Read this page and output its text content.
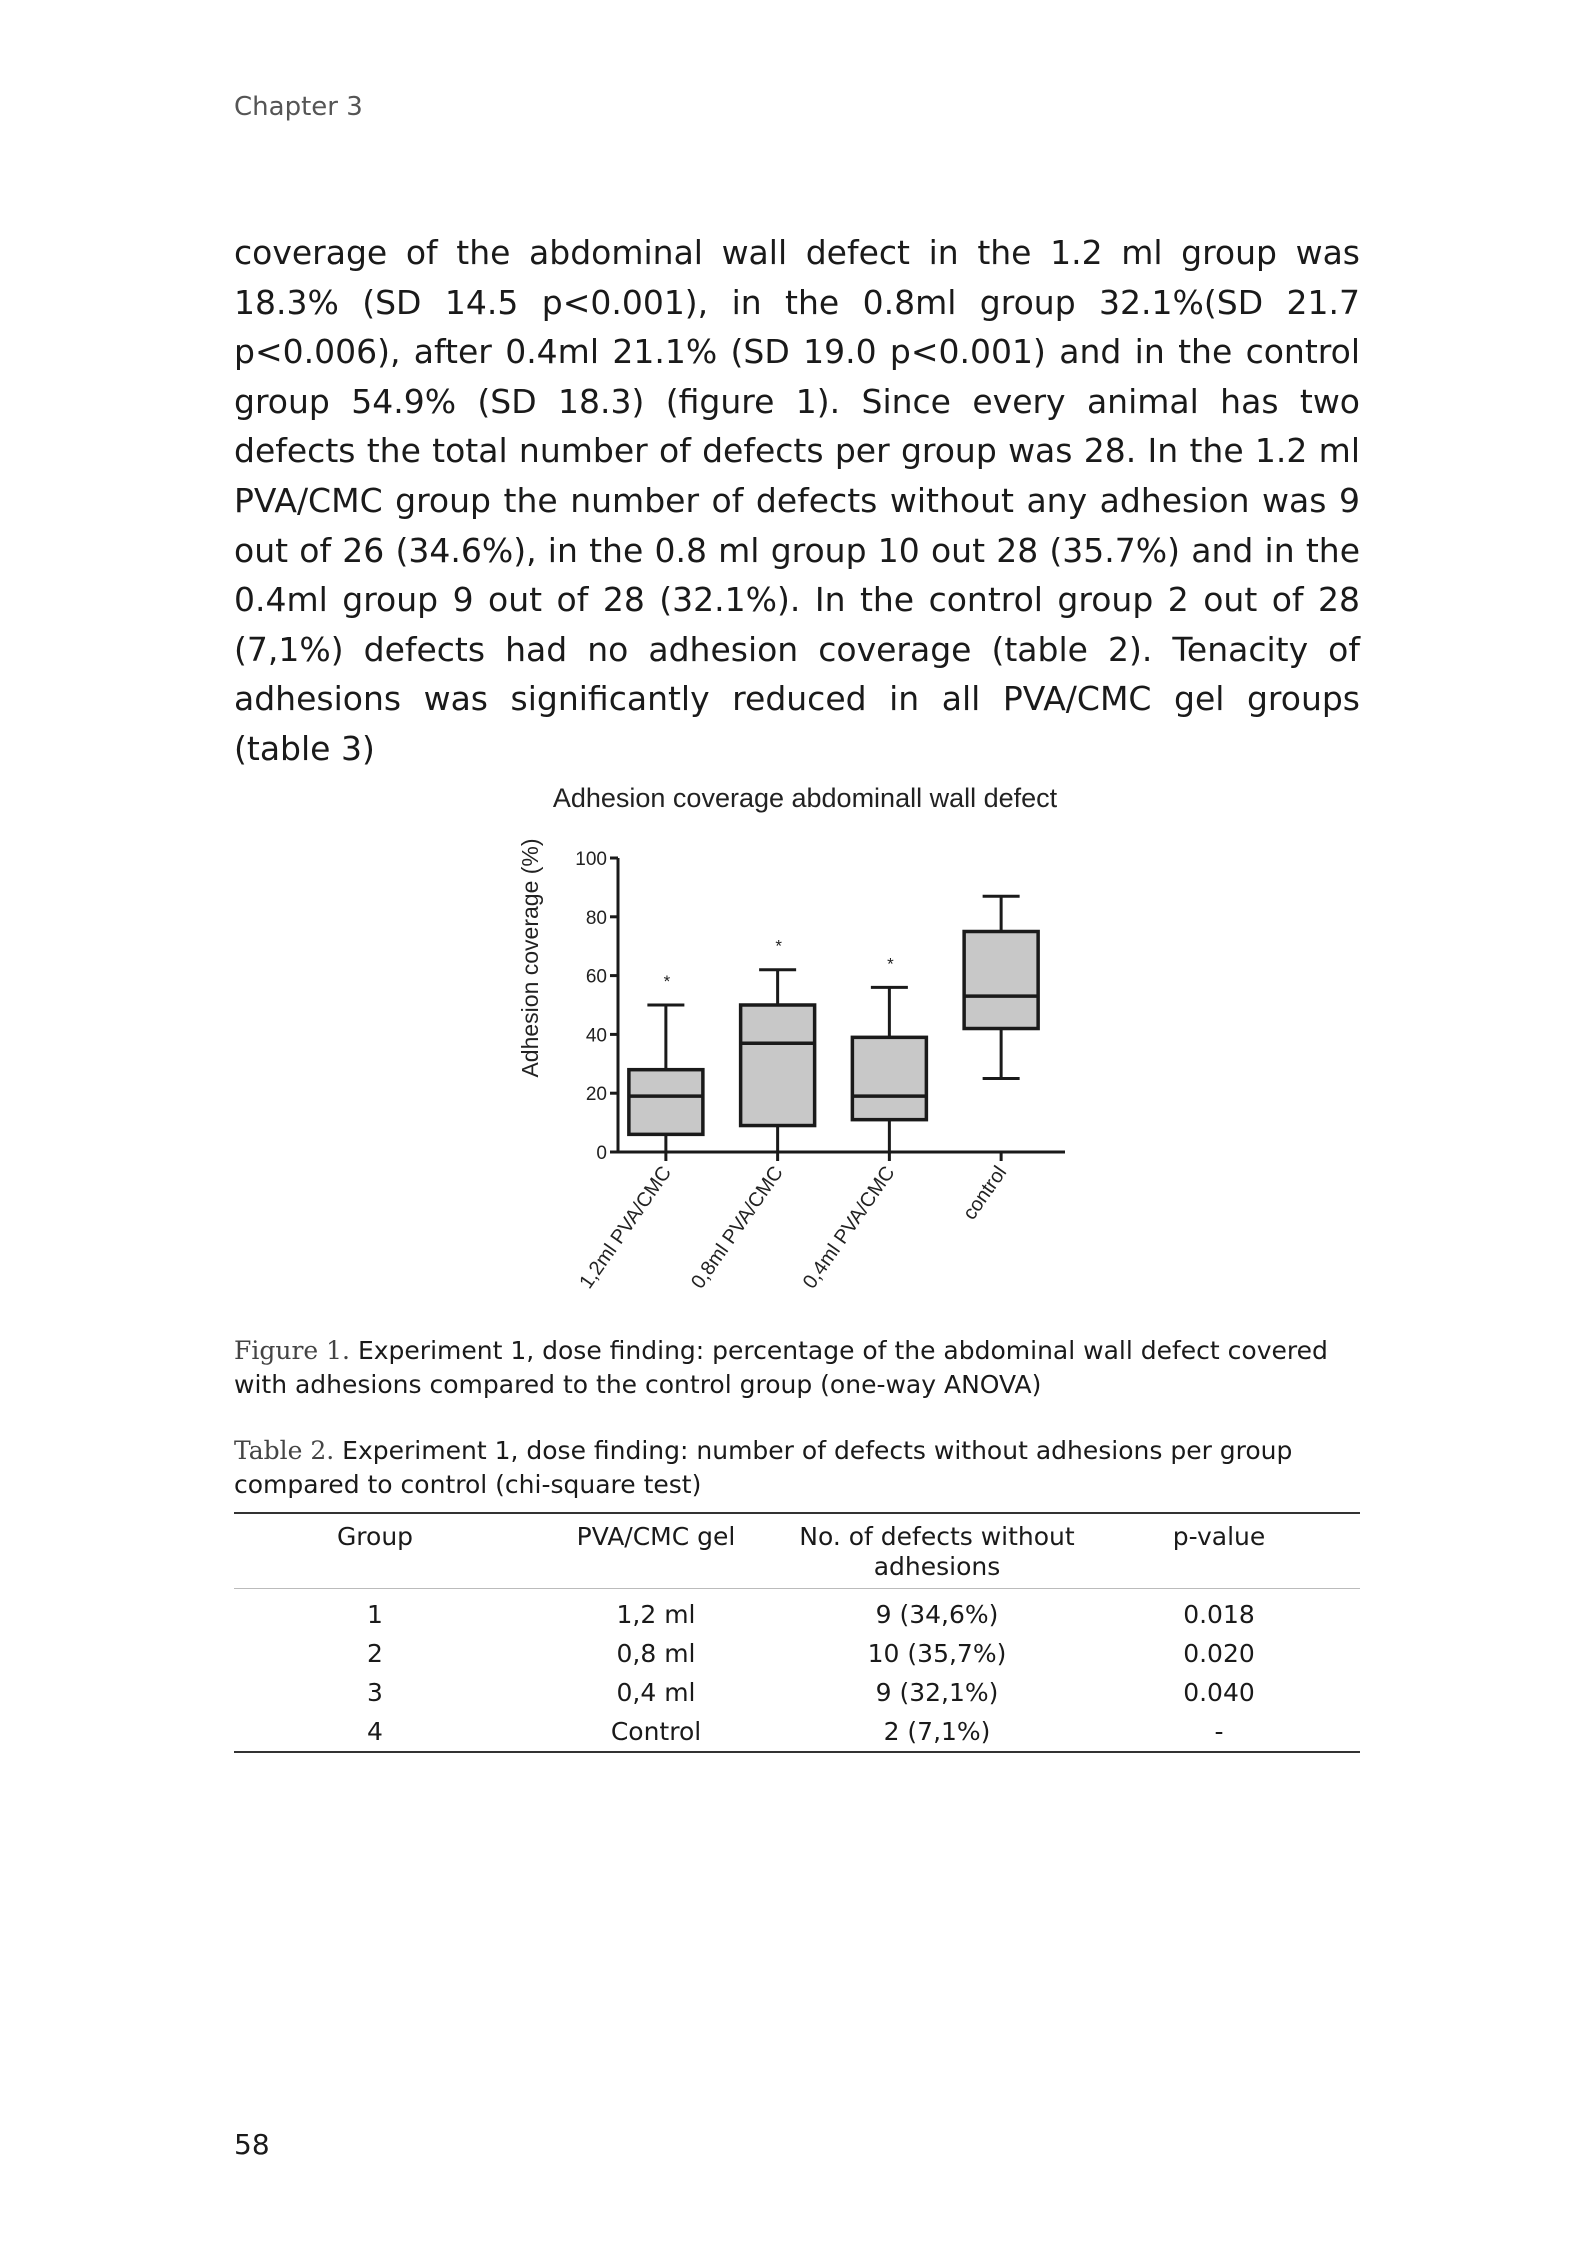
Chapter 3

coverage of the abdominal wall defect in the 1.2 ml group was 18.3% (SD 14.5 p<0.001), in the 0.8ml group 32.1%(SD 21.7 p<0.006), after 0.4ml 21.1% (SD 19.0 p<0.001) and in the control group 54.9% (SD 18.3) (figure 1). Since every animal has two defects the total number of defects per group was 28. In the 1.2 ml PVA/CMC group the number of defects without any adhesion was 9 out of 26 (34.6%), in the 0.8 ml group 10 out 28 (35.7%) and in the 0.4ml group 9 out of 28 (32.1%). In the control group 2 out of 28 (7,1%) defects had no adhesion coverage (table 2). Tenacity of adhesions was significantly reduced in all PVA/CMC gel groups (table 3)

Adhesion coverage abdominall wall defect
Adhesion coverage (%)
0
20
40
60
80
100
*
*
*
1,2ml PVA/CMC 0,8ml PVA/CMC 0,4ml PVA/CMC	control

Figure 1. Experiment 1, dose finding: percentage of the abdominal wall defect covered with adhesions compared to the control group (one-way ANOVA)

Table 2. Experiment 1, dose finding: number of defects without adhesions per group compared to control (chi-square test)

Group	PVA/CMC gel	No. of defects without adhesions	p-value
1	1,2 ml	9 (34,6%)	0.018
2	0,8 ml	10 (35,7%)	0.020
3	0,4 ml	9 (32,1%)	0.040
4	Control	2 (7,1%)	-
58
